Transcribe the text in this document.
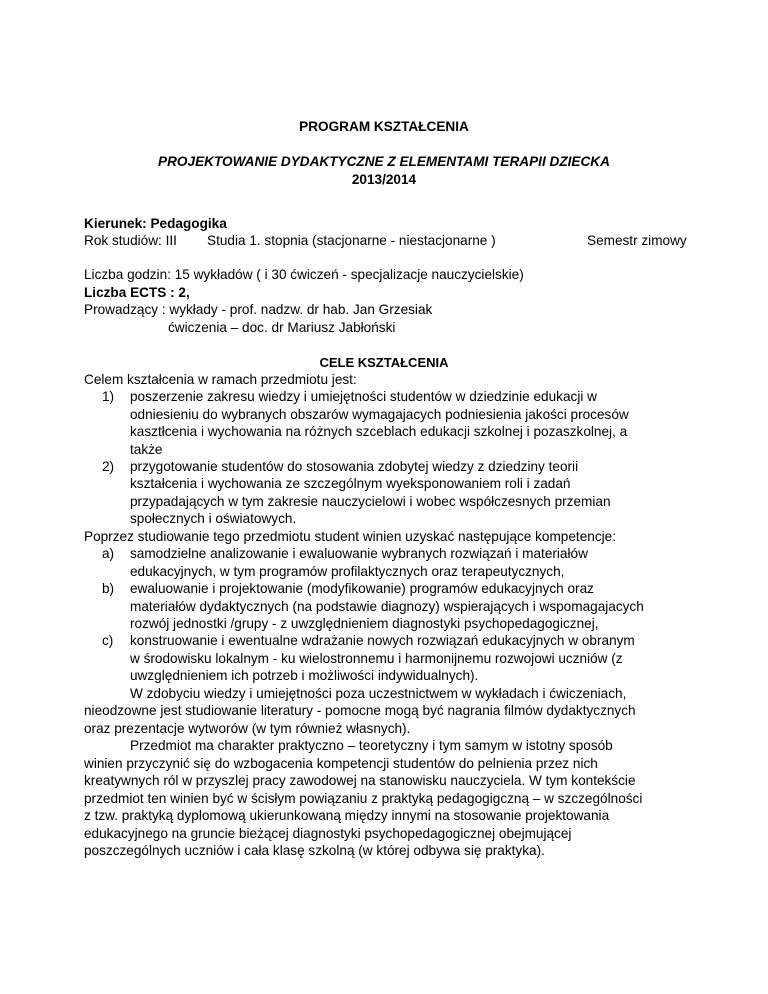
PROGRAM KSZTAŁCENIA
PROJEKTOWANIE DYDAKTYCZNE Z ELEMENTAMI TERAPII DZIECKA
2013/2014
Kierunek: Pedagogika
Rok studiów: III Studia 1. stopnia (stacjonarne - niestacjonarne )	Semestr zimowy
Liczba godzin: 15 wykładów ( i 30 ćwiczeń - specjalizacje nauczycielskie)
Liczba ECTS : 2,
Prowadzący : wykłady - prof. nadzw. dr hab. Jan Grzesiak
ćwiczenia – doc. dr Mariusz Jabłoński
CELE KSZTAŁCENIA
Celem kształcenia w ramach przedmiotu jest:
1) poszerzenie zakresu wiedzy i umiejętności studentów w dziedzinie edukacji w
odniesieniu do wybranych obszarów wymagajacych podniesienia jakości procesów
kasztłcenia i wychowania na różnych szceblach edukacji szkolnej i pozaszkolnej, a
także
2) przygotowanie studentów do stosowania zdobytej wiedzy z dziedziny teorii
kształcenia i wychowania ze szczególnym wyeksponowaniem roli i zadań
przypadających w tym zakresie nauczycielowi i wobec współczesnych przemian
społecznych i oświatowych.
Poprzez studiowanie tego przedmiotu student winien uzyskać następujące kompetencje:
a) samodzielne analizowanie i ewaluowanie wybranych rozwiązań i materiałów
edukacyjnych, w tym programów profilaktycznych oraz terapeutycznych,
b) ewaluowanie i projektowanie (modyfikowanie) programów edukacyjnych oraz
materiałów dydaktycznych (na podstawie diagnozy) wspierających i wspomagajacych
rozwój jednostki /grupy - z uwzględnieniem diagnostyki psychopedagogicznej,
c) konstruowanie i ewentualne wdrażanie nowych rozwiązań edukacyjnych w obranym
w środowisku lokalnym - ku wielostronnemu i harmonijnemu rozwojowi uczniów (z
uwzględnieniem ich potrzeb i możliwości indywidualnych).
W zdobyciu wiedzy i umiejętności poza uczestnictwem w wykładach i ćwiczeniach,
nieodzowne jest studiowanie literatury - pomocne mogą być nagrania filmów dydaktycznych
oraz prezentacje wytworów (w tym również własnych).
Przedmiot ma charakter praktyczno – teoretyczny i tym samym w istotny sposób
winien przyczynić się do wzbogacenia kompetencji studentów do pelnienia przez nich
kreatywnych ról w przyszlej pracy zawodowej na stanowisku nauczyciela. W tym kontekście
przedmiot ten winien być w ścisłym powiązaniu z praktyką pedagogigczną – w szczególności
z tzw. praktyką dyplomową ukierunkowaną między innymi na stosowanie projektowania
edukacyjnego na gruncie bieżącej diagnostyki psychopedagogicznej obejmującej
poszczególnych uczniów i cała klasę szkolną (w której odbywa się praktyka).
